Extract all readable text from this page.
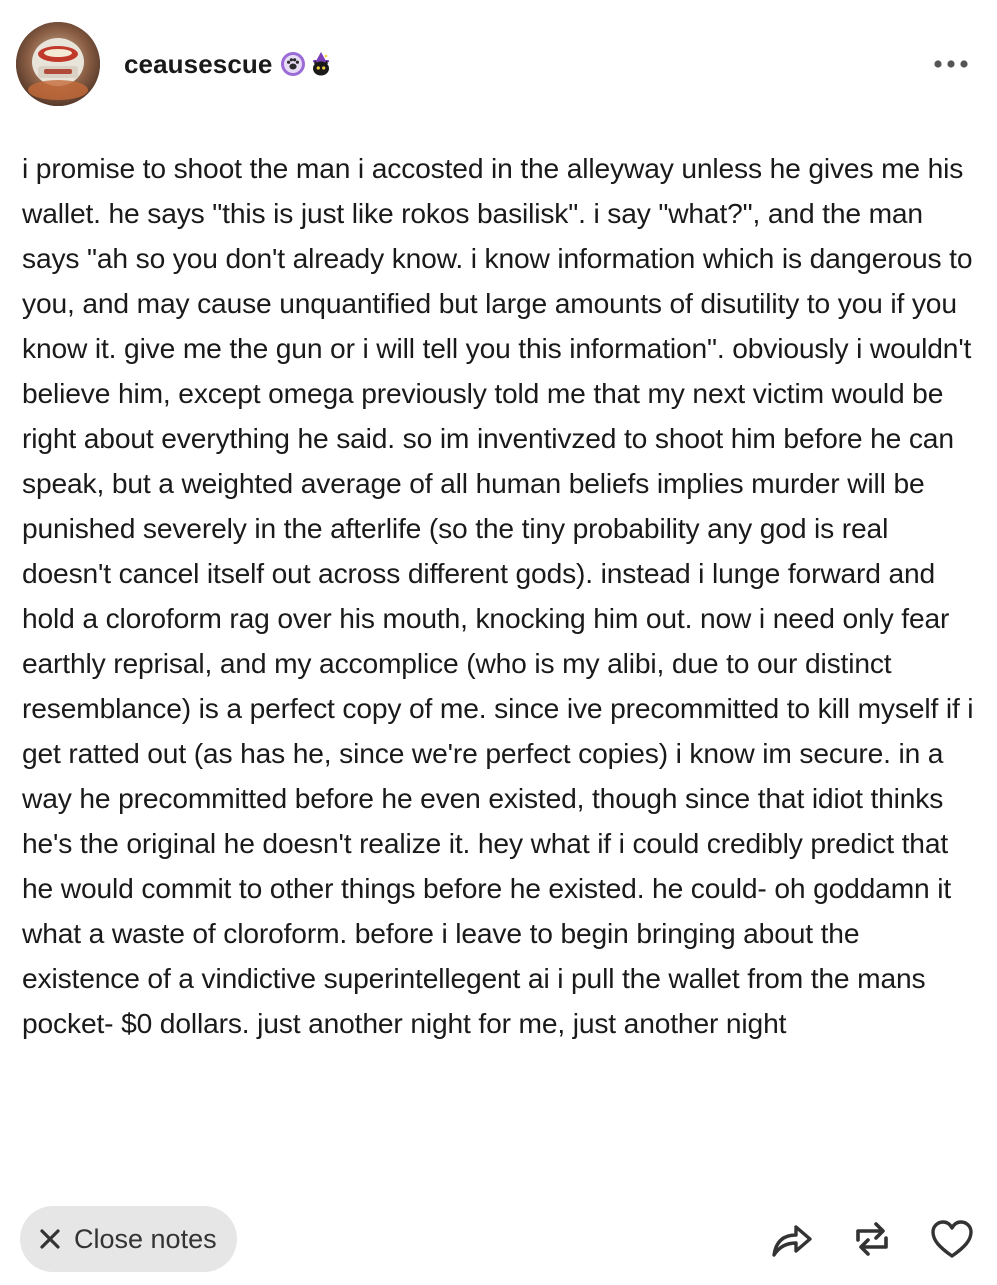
ceausescue

i promise to shoot the man i accosted in the alleyway unless he gives me his wallet. he says "this is just like rokos basilisk". i say "what?", and the man says "ah so you don't already know. i know information which is dangerous to you, and may cause unquantified but large amounts of disutility to you if you know it. give me the gun or i will tell you this information". obviously i wouldn't believe him, except omega previously told me that my next victim would be right about everything he said. so im inventivzed to shoot him before he can speak, but a weighted average of all human beliefs implies murder will be punished severely in the afterlife (so the tiny probability any god is real doesn't cancel itself out across different gods). instead i lunge forward and hold a cloroform rag over his mouth, knocking him out. now i need only fear earthly reprisal, and my accomplice (who is my alibi, due to our distinct resemblance) is a perfect copy of me. since ive precommitted to kill myself if i get ratted out (as has he, since we're perfect copies) i know im secure. in a way he precommitted before he even existed, though since that idiot thinks he's the original he doesn't realize it. hey what if i could credibly predict that he would commit to other things before he existed. he could- oh goddamn it what a waste of cloroform. before i leave to begin bringing about the existence of a vindictive superintellegent ai i pull the wallet from the mans pocket- $0 dollars. just another night for me, just another night

Close notes
